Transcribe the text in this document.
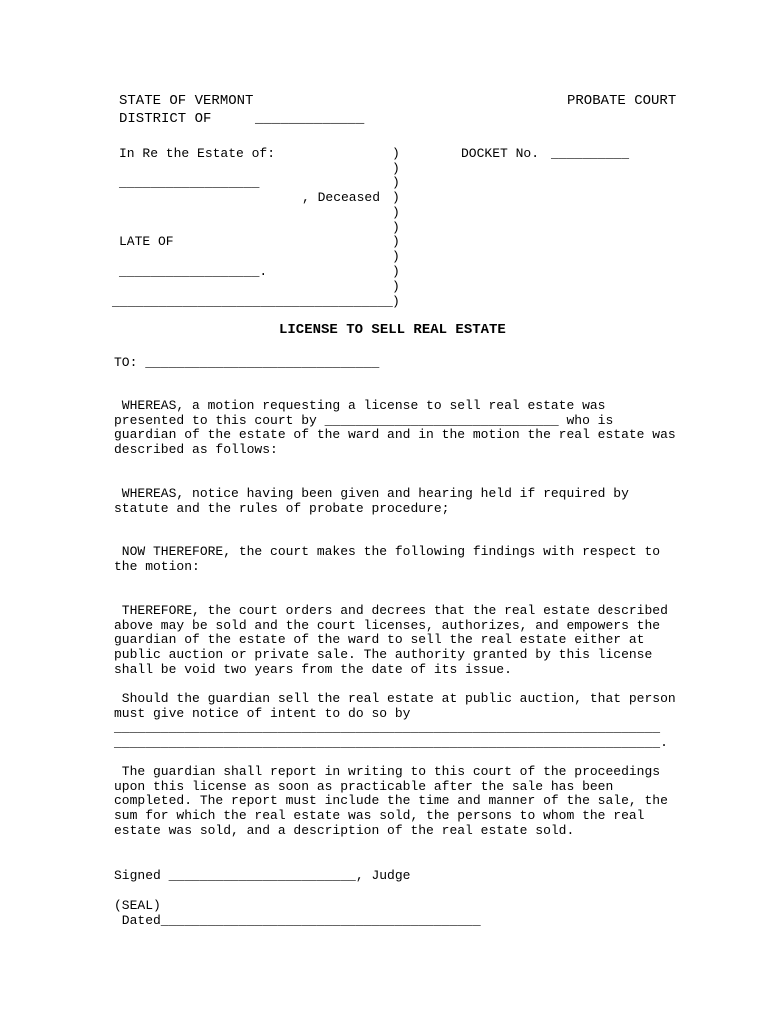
STATE OF VERMONT	PROBATE COURT
DISTRICT OF	_____________
In Re the Estate of:	DOCKET No. __________
__________________
, Deceased
LATE OF
__________________.
____________________________________
)
)
)
)
)
)
)
)
)
)
)
LICENSE TO SELL REAL ESTATE
TO: ______________________________
WHEREAS, a motion requesting a license to sell real estate was
presented to this court by ______________________________ who is
guardian of the estate of the ward and in the motion the real estate was
described as follows:
WHEREAS, notice having been given and hearing held if required by
statute and the rules of probate procedure;
NOW THEREFORE, the court makes the following findings with respect to
the motion:
THEREFORE, the court orders and decrees that the real estate described
above may be sold and the court licenses, authorizes, and empowers the
guardian of the estate of the ward to sell the real estate either at
public auction or private sale. The authority granted by this license
shall be void two years from the date of its issue.
Should the guardian sell the real estate at public auction, that person
must give notice of intent to do so by
______________________________________________________________________
______________________________________________________________________.
The guardian shall report in writing to this court of the proceedings
upon this license as soon as practicable after the sale has been
completed. The report must include the time and manner of the sale, the
sum for which the real estate was sold, the persons to whom the real
estate was sold, and a description of the real estate sold.
Signed ________________________, Judge
(SEAL)
Dated_________________________________________
